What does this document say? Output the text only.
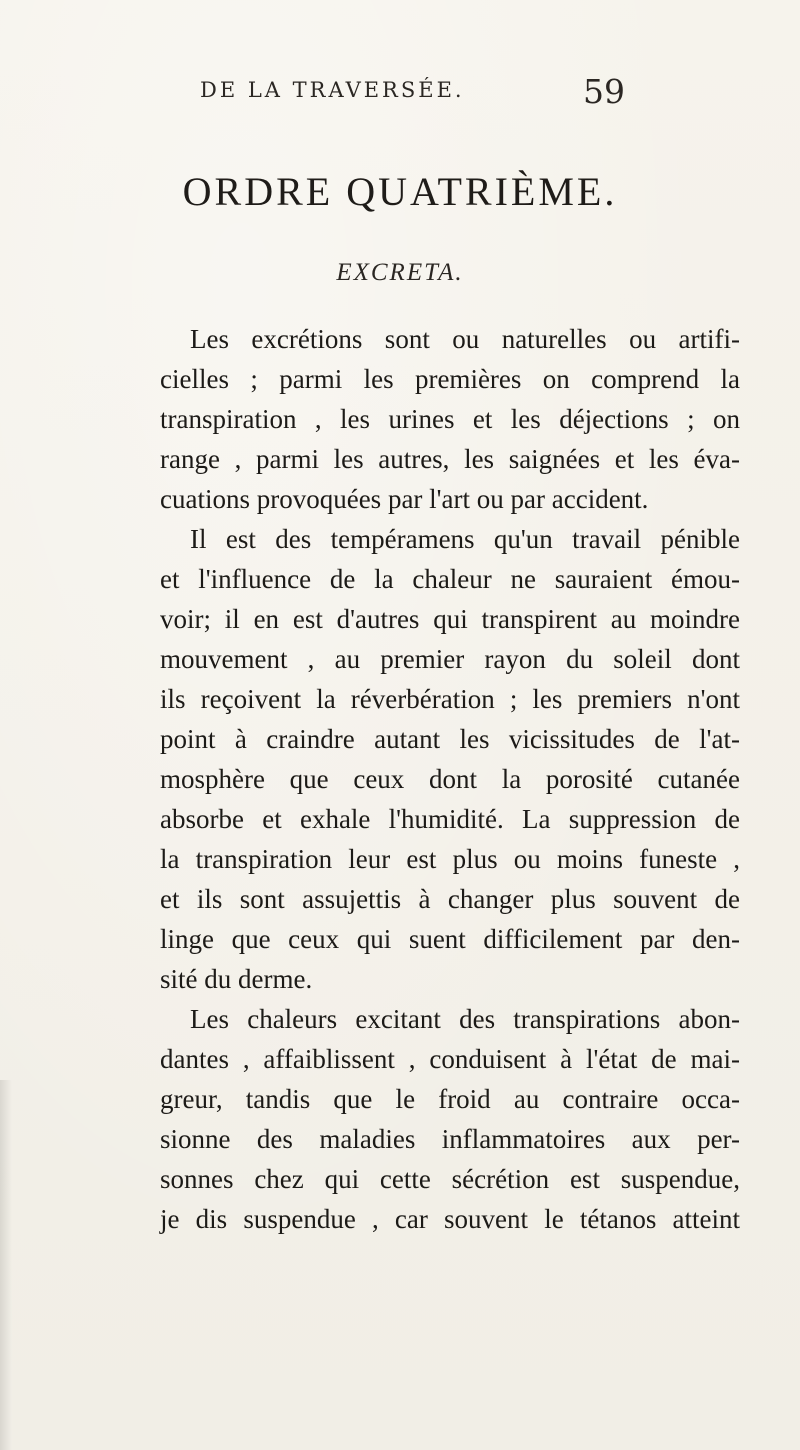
DE LA TRAVERSÉE.	59
ORDRE QUATRIÈME.
EXCRETA.
Les excrétions sont ou naturelles ou artifi-
cielles ; parmi les premières on comprend la
transpiration , les urines et les déjections ; on
range , parmi les autres, les saignées et les éva-
cuations provoquées par l'art ou par accident.
Il est des tempéramens qu'un travail pénible
et l'influence de la chaleur ne sauraient émou-
voir; il en est d'autres qui transpirent au moindre
mouvement , au premier rayon du soleil dont
ils reçoivent la réverbération ; les premiers n'ont
point à craindre autant les vicissitudes de l'at-
mosphère que ceux dont la porosité cutanée
absorbe et exhale l'humidité. La suppression de
la transpiration leur est plus ou moins funeste ,
et ils sont assujettis à changer plus souvent de
linge que ceux qui suent difficilement par den-
sité du derme.
Les chaleurs excitant des transpirations abon-
dantes , affaiblissent , conduisent à l'état de mai-
greur, tandis que le froid au contraire occa-
sionne des maladies inflammatoires aux per-
sonnes chez qui cette sécrétion est suspendue,
je dis suspendue , car souvent le tétanos atteint
